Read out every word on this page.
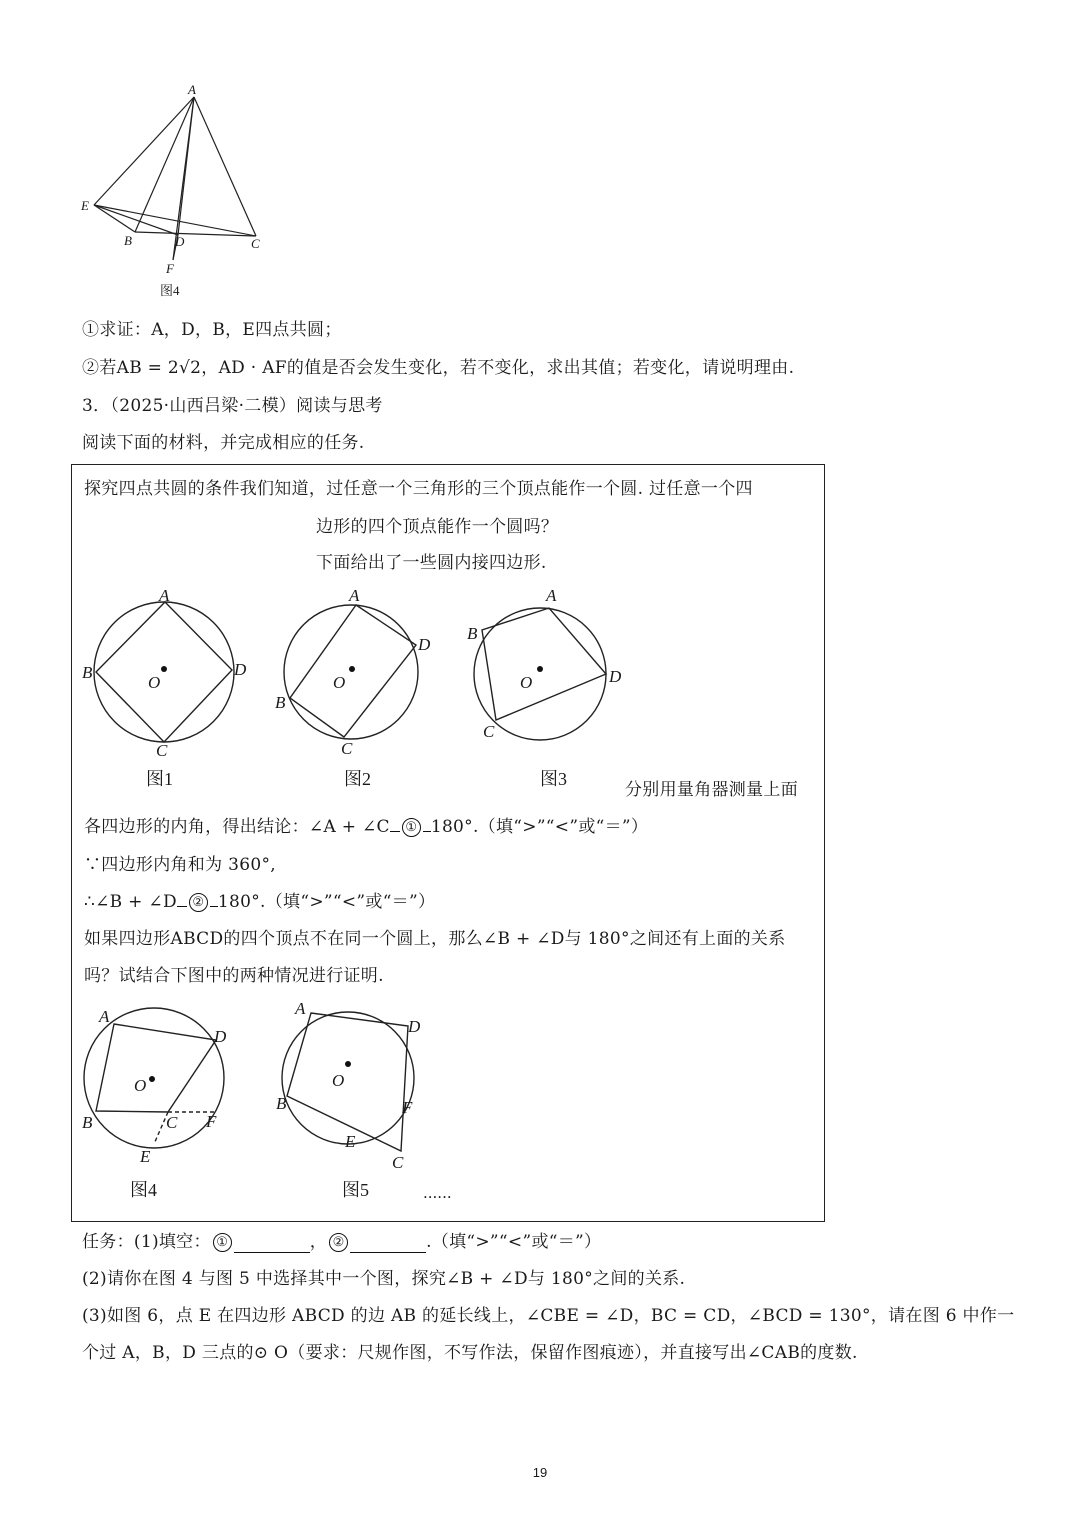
A
E
B	D	C
F
图4
①求证：A，D，B，E四点共圆；
②若AB = 2√2，AD · AF的值是否会发生变化，若不变化，求出其值；若变化，请说明理由.
3．（2025·山西吕梁·二模）阅读与思考
阅读下面的材料，并完成相应的任务.
探究四点共圆的条件我们知道，过任意一个三角形的三个顶点能作一个圆. 过任意一个四
边形的四个顶点能作一个圆吗？
下面给出了一些圆内接四边形.
A
B
C
D
O
A
B
C
D
O
A
B
C
D
O
图1	图2	图3
分别用量角器测量上面
各四边形的内角，得出结论：∠A + ∠C ① 180°.（填“>”“<”或“＝”）
∵四边形内角和为 360°,
∴∠B + ∠D ② 180°.（填“>”“<”或“＝”）
如果四边形ABCD的四个顶点不在同一个圆上，那么∠B + ∠D与 180°之间还有上面的关系
吗？试结合下图中的两种情况进行证明.
A
B	C
D
E
F
O
A
B
C
D
E
F
O
图4	图5	......
任务：(1)填空： ①	， ②	.（填“>”“<”或“＝”）
(2)请你在图 4 与图 5 中选择其中一个图，探究∠B + ∠D与 180°之间的关系.
(3)如图 6，点 E 在四边形 ABCD 的边 AB 的延长线上，∠CBE = ∠D，BC = CD，∠BCD = 130°，请在图 6 中作一
个过 A，B，D 三点的⊙ O（要求：尺规作图，不写作法，保留作图痕迹），并直接写出∠CAB的度数.
19
